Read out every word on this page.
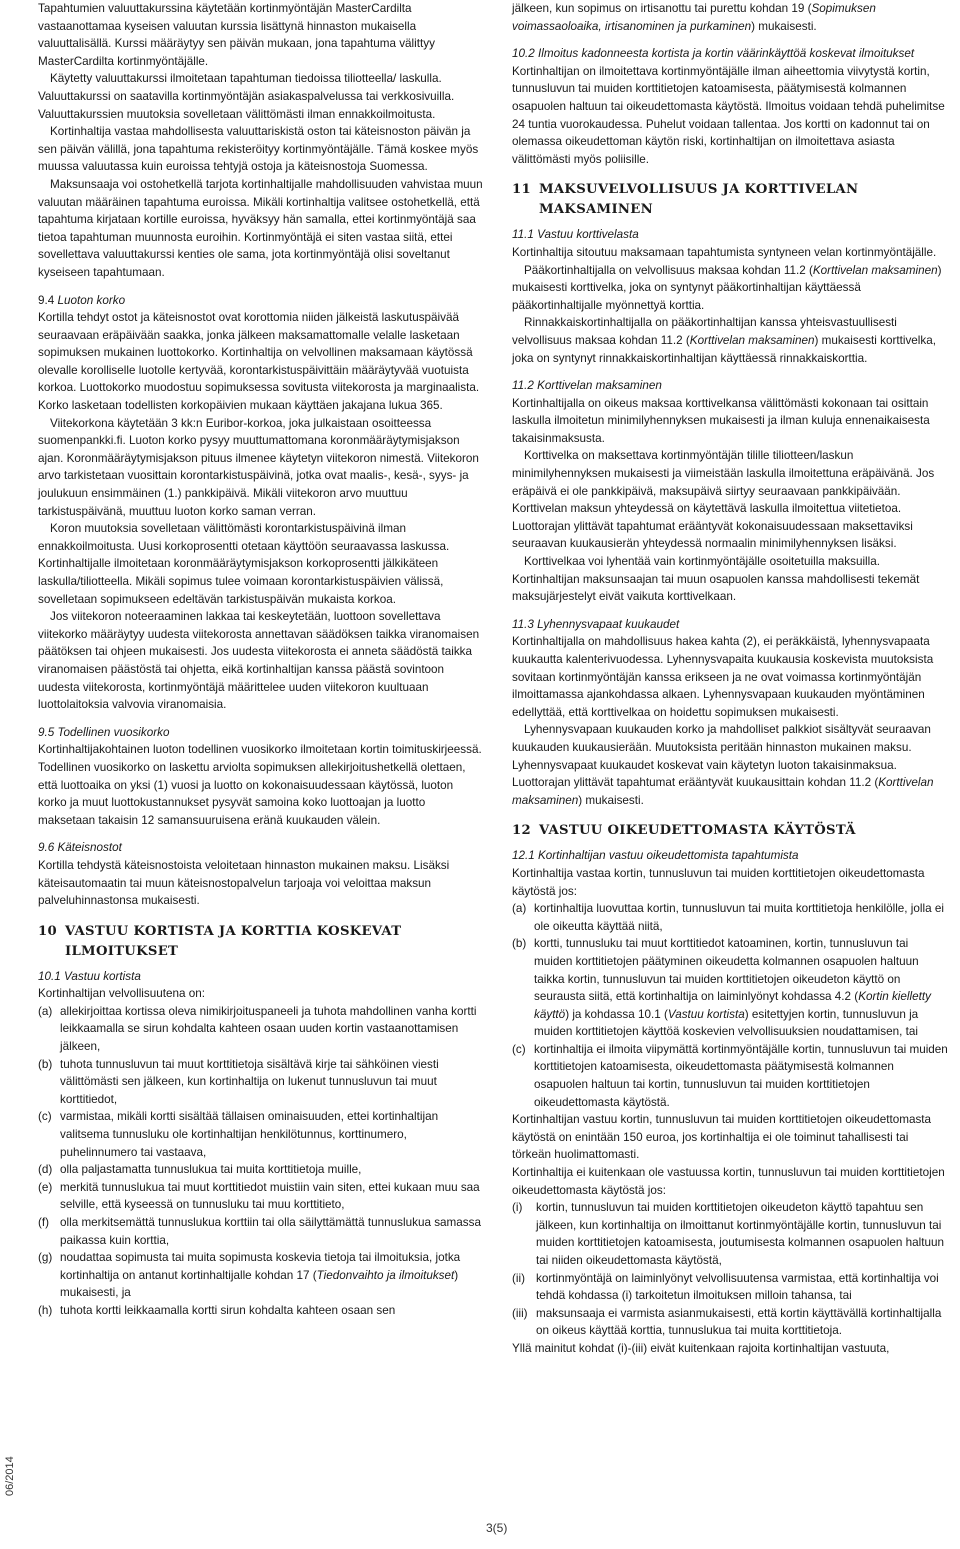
Tapahtumien valuuttakurssina käytetään kortinmyöntäjän MasterCardilta vastaanottamaa kyseisen valuutan kurssia lisättynä hinnaston mukaisella valuuttalisällä. Kurssi määräytyy sen päivän mukaan, jona tapahtuma välittyy MasterCardilta kortinmyöntäjälle.

Käytetty valuuttakurssi ilmoitetaan tapahtuman tiedoissa tiliotteella/ laskulla. Valuuttakurssi on saatavilla kortinmyöntäjän asiakaspalvelussa tai verkkosivuilla. Valuuttakurssien muutoksia sovelletaan välittömästi ilman ennakkoilmoitusta.

Kortinhaltija vastaa mahdollisesta valuuttariskistä oston tai käteisnoston päivän ja sen päivän välillä, jona tapahtuma rekisteröityy kortinmyöntäjälle. Tämä koskee myös muussa valuutassa kuin euroissa tehtyjä ostoja ja käteisnostoja Suomessa.

Maksunsaaja voi ostohetkellä tarjota kortinhaltijalle mahdollisuuden vahvistaa muun valuutan määräinen tapahtuma euroissa. Mikäli kortinhaltija valitsee ostohetkellä, että tapahtuma kirjataan kortille euroissa, hyväksyy hän samalla, ettei kortinmyöntäjä saa tietoa tapahtuman muunnosta euroihin. Kortinmyöntäjä ei siten vastaa siitä, ettei sovellettava valuuttakurssi kenties ole sama, jota kortinmyöntäjä olisi soveltanut kyseiseen tapahtumaan.

9.4 Luoton korko

Kortilla tehdyt ostot ja käteisnostot ovat korottomia niiden jälkeistä laskutuspäivää seuraavaan eräpäivään saakka, jonka jälkeen maksamattomalle velalle lasketaan sopimuksen mukainen luottokorko. Kortinhaltija on velvollinen maksamaan käytössä olevalle korolliselle luotolle kertyvää, korontarkistuspäivittäin määräytyvää vuotuista korkoa. Luottokorko muodostuu sopimuksessa sovitusta viitekorosta ja marginaalista. Korko lasketaan todellisten korkopäivien mukaan käyttäen jakajana lukua 365.

Viitekorkona käytetään 3 kk:n Euribor-korkoa, joka julkaistaan osoitteessa suomenpankki.fi. Luoton korko pysyy muuttumattomana koronmääräytymisjakson ajan. Koronmääräytymisjakson pituus ilmenee käytetyn viitekoron nimestä. Viitekoron arvo tarkistetaan vuosittain korontarkistuspäivinä, jotka ovat maalis-, kesä-, syys- ja joulukuun ensimmäinen (1.) pankkipäivä. Mikäli viitekoron arvo muuttuu tarkistuspäivänä, muuttuu luoton korko saman verran.

Koron muutoksia sovelletaan välittömästi korontarkistuspäivinä ilman ennakkoilmoitusta. Uusi korkoprosentti otetaan käyttöön seuraavassa laskussa. Kortinhaltijalle ilmoitetaan koronmääräytymisjakson korkoprosentti jälkikäteen laskulla/tiliotteella. Mikäli sopimus tulee voimaan korontarkistuspäivien välissä, sovelletaan sopimukseen edeltävän tarkistuspäivän mukaista korkoa.

Jos viitekoron noteeraaminen lakkaa tai keskeytetään, luottoon sovellettava viitekorko määräytyy uudesta viitekorosta annettavan säädöksen taikka viranomaisen päätöksen tai ohjeen mukaisesti. Jos uudesta viitekorosta ei anneta säädöstä taikka viranomaisen päästöstä tai ohjetta, eikä kortinhaltijan kanssa päästä sovintoon uudesta viitekorosta, kortinmyöntäjä määrittelee uuden viitekoron kuultuaan luottolaitoksia valvovia viranomaisia.

9.5 Todellinen vuosikorko

Kortinhaltijakohtainen luoton todellinen vuosikorko ilmoitetaan kortin toimituskirjeessä. Todellinen vuosikorko on laskettu arviolta sopimuksen allekirjoitushetkellä olettaen, että luottoaika on yksi (1) vuosi ja luotto on kokonaisuudessaan käytössä, luoton korko ja muut luottokustannukset pysyvät samoina koko luottoajan ja luotto maksetaan takaisin 12 samansuuruisena eränä kuukauden välein.

9.6 Käteisnostot

Kortilla tehdystä käteisnostoista veloitetaan hinnaston mukainen maksu. Lisäksi käteisautomaatin tai muun käteisnostopalvelun tarjoaja voi veloittaa maksun palveluhinnastonsa mukaisesti.

10 VASTUU KORTISTA JA KORTTIA KOSKEVAT ILMOITUKSET

10.1 Vastuu kortista

Kortinhaltijan velvollisuutena on:

(a) allekirjoittaa kortissa oleva nimikirjoituspaneeli ja tuhota mahdollinen vanha kortti leikkaamalla se sirun kohdalta kahteen osaan uuden kortin vastaanottamisen jälkeen,
(b) tuhota tunnusluvun tai muut korttitietoja sisältävä kirje tai sähköinen viesti välittömästi sen jälkeen, kun kortinhaltija on lukenut tunnusluvun tai muut korttitiedot,
(c) varmistaa, mikäli kortti sisältää tällaisen ominaisuuden, ettei kortinhaltijan valitsema tunnusluku ole kortinhaltijan henkilötunnus, korttinumero, puhelinnumero tai vastaava,
(d) olla paljastamatta tunnuslukua tai muita korttitietoja muille,
(e) merkitä tunnuslukua tai muut korttitiedot muistiin vain siten, ettei kukaan muu saa selville, että kyseessä on tunnusluku tai muu korttitieto,
(f) olla merkitsemättä tunnuslukua korttiin tai olla säilyttämättä tunnuslukua samassa paikassa kuin korttia,
(g) noudattaa sopimusta tai muita sopimusta koskevia tietoja tai ilmoituksia, jotka kortinhaltija on antanut kortinhaltijalle kohdan 17 (Tiedonvaihto ja ilmoitukset) mukaisesti, ja
(h) tuhota kortti leikkaamalla kortti sirun kohdalta kahteen osaan sen

jälkeen, kun sopimus on irtisanottu tai purettu kohdan 19 (Sopimuksen voimassaoloaika, irtisanominen ja purkaminen) mukaisesti.

10.2 Ilmoitus kadonneesta kortista ja kortin väärinkäyttöä koskevat ilmoitukset

Kortinhaltijan on ilmoitettava kortinmyöntäjälle ilman aiheettomia viivytystä kortin, tunnusluvun tai muiden korttitietojen katoamisesta, päätymisestä kolmannen osapuolen haltuun tai oikeudettomasta käytöstä. Ilmoitus voidaan tehdä puhelimitse 24 tuntia vuorokaudessa. Puhelut voidaan tallentaa. Jos kortti on kadonnut tai on olemassa oikeudettoman käytön riski, kortinhaltijan on ilmoitettava asiasta välittömästi myös poliisille.

11 MAKSUVELVOLLISUUS JA KORTTIVELAN MAKSAMINEN

11.1 Vastuu korttivelasta

Kortinhaltija sitoutuu maksamaan tapahtumista syntyneen velan kortinmyöntäjälle.

Pääkortinhaltijalla on velvollisuus maksaa kohdan 11.2 (Korttivelan maksaminen) mukaisesti korttivelka, joka on syntynyt pääkortinhaltijan käyttäessä pääkortinhaltijalle myönnettyä korttia.

Rinnakkaiskortinhaltijalla on pääkortinhaltijan kanssa yhteisvastuullisesti velvollisuus maksaa kohdan 11.2 (Korttivelan maksaminen) mukaisesti korttivelka, joka on syntynyt rinnakkaiskortinhaltijan käyttäessä rinnakkaiskorttia.

11.2 Korttivelan maksaminen

Kortinhaltijalla on oikeus maksaa korttivelkansa välittömästi kokonaan tai osittain laskulla ilmoitetun minimilyhennyksen mukaisesti ja ilman kuluja ennenaikaisesta takaisinmaksusta.

Korttivelka on maksettava kortinmyöntäjän tilille tiliotteen/laskun minimilyhennyksen mukaisesti ja viimeistään laskulla ilmoitettuna eräpäivänä. Jos eräpäivä ei ole pankkipäivä, maksupäivä siirtyy seuraavaan pankkipäivään. Korttivelan maksun yhteydessä on käytettävä laskulla ilmoitettua viitetietoa. Luottorajan ylittävät tapahtumat erääntyvät kokonaisuudessaan maksettaviksi seuraavan kuukausierän yhteydessä normaalin minimilyhennyksen lisäksi.

Korttivelkaa voi lyhentää vain kortinmyöntäjälle osoitetuilla maksuilla. Kortinhaltijan maksunsaajan tai muun osapuolen kanssa mahdollisesti tekemät maksujärjestelyt eivät vaikuta korttivelkaan.

11.3 Lyhennysvapaat kuukaudet

Kortinhaltijalla on mahdollisuus hakea kahta (2), ei peräkkäistä, lyhennysvapaata kuukautta kalenterivuodessa. Lyhennysvapaita kuukausia koskevista muutoksista sovitaan kortinmyöntäjän kanssa erikseen ja ne ovat voimassa kortinmyöntäjän ilmoittamassa ajankohdassa alkaen. Lyhennysvapaan kuukauden myöntäminen edellyttää, että korttivelkaa on hoidettu sopimuksen mukaisesti.

Lyhennysvapaan kuukauden korko ja mahdolliset palkkiot sisältyvät seuraavan kuukauden kuukausierään. Muutoksista peritään hinnaston mukainen maksu. Lyhennysvapaat kuukaudet koskevat vain käytetyn luoton takaisinmaksua. Luottorajan ylittävät tapahtumat erääntyvät kuukausittain kohdan 11.2 (Korttivelan maksaminen) mukaisesti.

12 VASTUU OIKEUDETTOMASTA KÄYTÖSTÄ

12.1 Kortinhaltijan vastuu oikeudettomista tapahtumista

Kortinhaltija vastaa kortin, tunnusluvun tai muiden korttitietojen oikeudettomasta käytöstä jos:

(a) kortinhaltija luovuttaa kortin, tunnusluvun tai muita korttitietoja henkilölle, jolla ei ole oikeutta käyttää niitä,
(b) kortti, tunnusluku tai muut korttitiedot katoaminen, kortin, tunnusluvun tai muiden korttitietojen päätyminen oikeudetta kolmannen osapuolen haltuun taikka kortin, tunnusluvun tai muiden korttitietojen oikeudeton käyttö on seurausta siitä, että kortinhaltija on laiminlyönyt kohdassa 4.2 (Kortin kielletty käyttö) ja kohdassa 10.1 (Vastuu kortista) esitettyjen kortin, tunnusluvun ja muiden korttitietojen käyttöä koskevien velvollisuuksien noudattamisen, tai
(c) kortinhaltija ei ilmoita viipymättä kortinmyöntäjälle kortin, tunnusluvun tai muiden korttitietojen katoamisesta, oikeudettomasta päätymisestä kolmannen osapuolen haltuun tai kortin, tunnusluvun tai muiden korttitietojen oikeudettomasta käytöstä.

Kortinhaltijan vastuu kortin, tunnusluvun tai muiden korttitietojen oikeudettomasta käytöstä on enintään 150 euroa, jos kortinhaltija ei ole toiminut tahallisesti tai törkeän huolimattomasti.

Kortinhaltija ei kuitenkaan ole vastuussa kortin, tunnusluvun tai muiden korttitietojen oikeudettomasta käytöstä jos:

(i) kortin, tunnusluvun tai muiden korttitietojen oikeudeton käyttö tapahtuu sen jälkeen, kun kortinhaltija on ilmoittanut kortinmyöntäjälle kortin, tunnusluvun tai muiden korttitietojen katoamisesta, joutumisesta kolmannen osapuolen haltuun tai niiden oikeudettomasta käytöstä,
(ii) kortinmyöntäjä on laiminlyönyt velvollisuutensa varmistaa, että kortinhaltija voi tehdä kohdassa (i) tarkoitetun ilmoituksen milloin tahansa, tai
(iii) maksunsaaja ei varmista asianmukaisesti, että kortin käyttävällä kortinhaltijalla on oikeus käyttää korttia, tunnuslukua tai muita korttitietoja.

Yllä mainitut kohdat (i)-(iii) eivät kuitenkaan rajoita kortinhaltijan vastuuta,

06/2014
3(5)
